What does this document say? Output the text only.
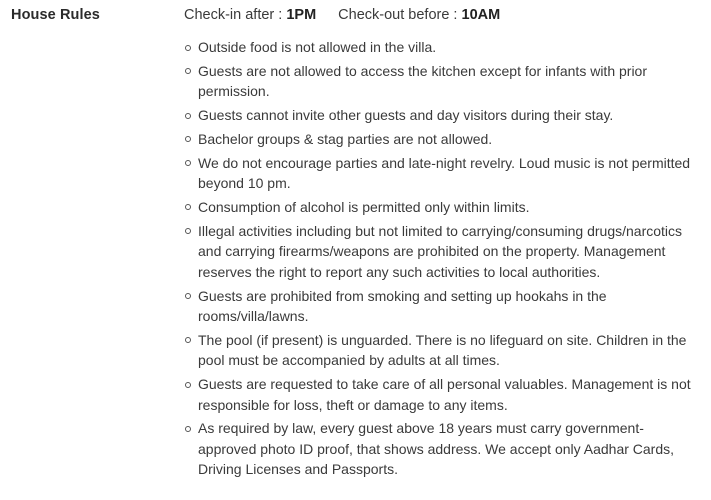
House Rules	Check-in after : 1PM Check-out before : 10AM
Outside food is not allowed in the villa.
Guests are not allowed to access the kitchen except for infants with prior permission.
Guests cannot invite other guests and day visitors during their stay.
Bachelor groups & stag parties are not allowed.
We do not encourage parties and late-night revelry. Loud music is not permitted beyond 10 pm.
Consumption of alcohol is permitted only within limits.
Illegal activities including but not limited to carrying/consuming drugs/narcotics and carrying firearms/weapons are prohibited on the property. Management reserves the right to report any such activities to local authorities.
Guests are prohibited from smoking and setting up hookahs in the rooms/villa/lawns.
The pool (if present) is unguarded. There is no lifeguard on site. Children in the pool must be accompanied by adults at all times.
Guests are requested to take care of all personal valuables. Management is not responsible for loss, theft or damage to any items.
As required by law, every guest above 18 years must carry government-approved photo ID proof, that shows address. We accept only Aadhar Cards, Driving Licenses and Passports.
